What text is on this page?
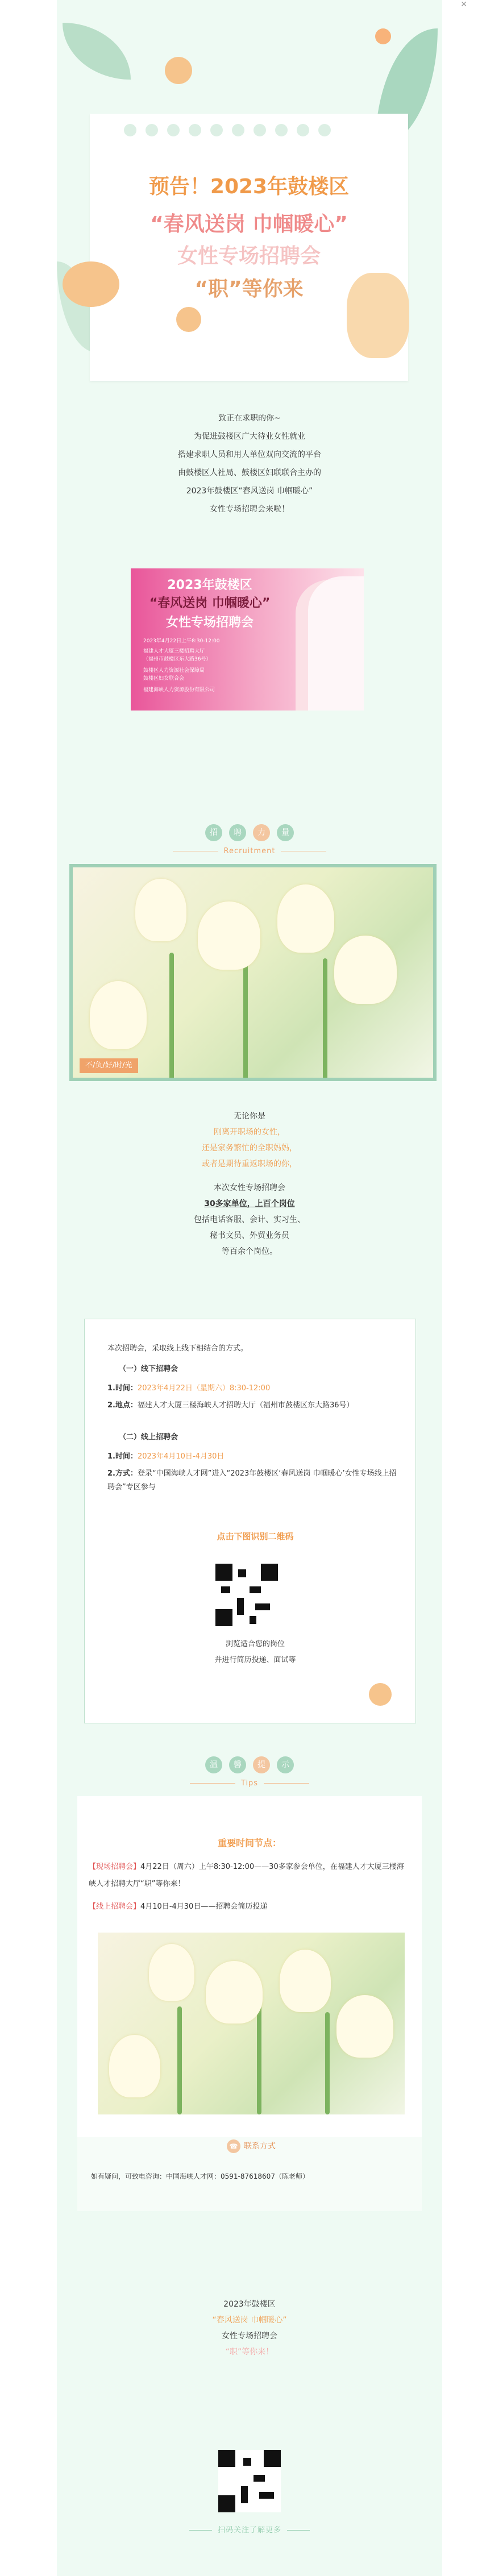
✕
预告！2023年鼓楼区
“春风送岗 巾帼暖心”
女性专场招聘会
“职”等你来
致正在求职的你~
为促进鼓楼区广大待业女性就业
搭建求职人员和用人单位双向交流的平台
由鼓楼区人社局、鼓楼区妇联联合主办的
2023年鼓楼区“春风送岗 巾帼暖心”
女性专场招聘会来啦！
2023年鼓楼区
“春风送岗 巾帼暖心”
女性专场招聘会
2023年4月22日上午8:30-12:00
福建人才大厦三楼招聘大厅
（福州市鼓楼区东大路36号）
鼓楼区人力资源社会保障局
鼓楼区妇女联合会
福建海峡人力资源股份有限公司
招 聘 力 量
Recruitment
不/负/好/时/光
无论你是
刚离开职场的女性，
还是家务繁忙的全职妈妈，
或者是期待重返职场的你，
本次女性专场招聘会
30多家单位，上百个岗位
包括电话客服、会计、实习生、
秘书文员、外贸业务员
等百余个岗位。
本次招聘会，采取线上线下相结合的方式。
（一）线下招聘会
1.时间：2023年4月22日（星期六）8:30-12:00
2.地点：福建人才大厦三楼海峡人才招聘大厅（福州市鼓楼区东大路36号）
（二）线上招聘会
1.时间：2023年4月10日-4月30日
2.方式：登录“中国海峡人才网”进入“2023年鼓楼区‘春风送岗 巾帼暖心’女性专场线上招聘会”专区参与
点击下图识别二维码
浏览适合您的岗位
并进行简历投递、面试等
温 馨 提 示
Tips
重要时间节点：
【现场招聘会】4月22日（周六）上午8:30-12:00——30多家参会单位，在福建人才大厦三楼海峡人才招聘大厅“职”等你来！
【线上招聘会】4月10日-4月30日——招聘会简历投递
☎ 联系方式
如有疑问，可致电咨询：中国海峡人才网：0591-87618607（陈老师）
2023年鼓楼区
“春风送岗 巾帼暖心”
女性专场招聘会
“职”等你来！
扫码关注了解更多
